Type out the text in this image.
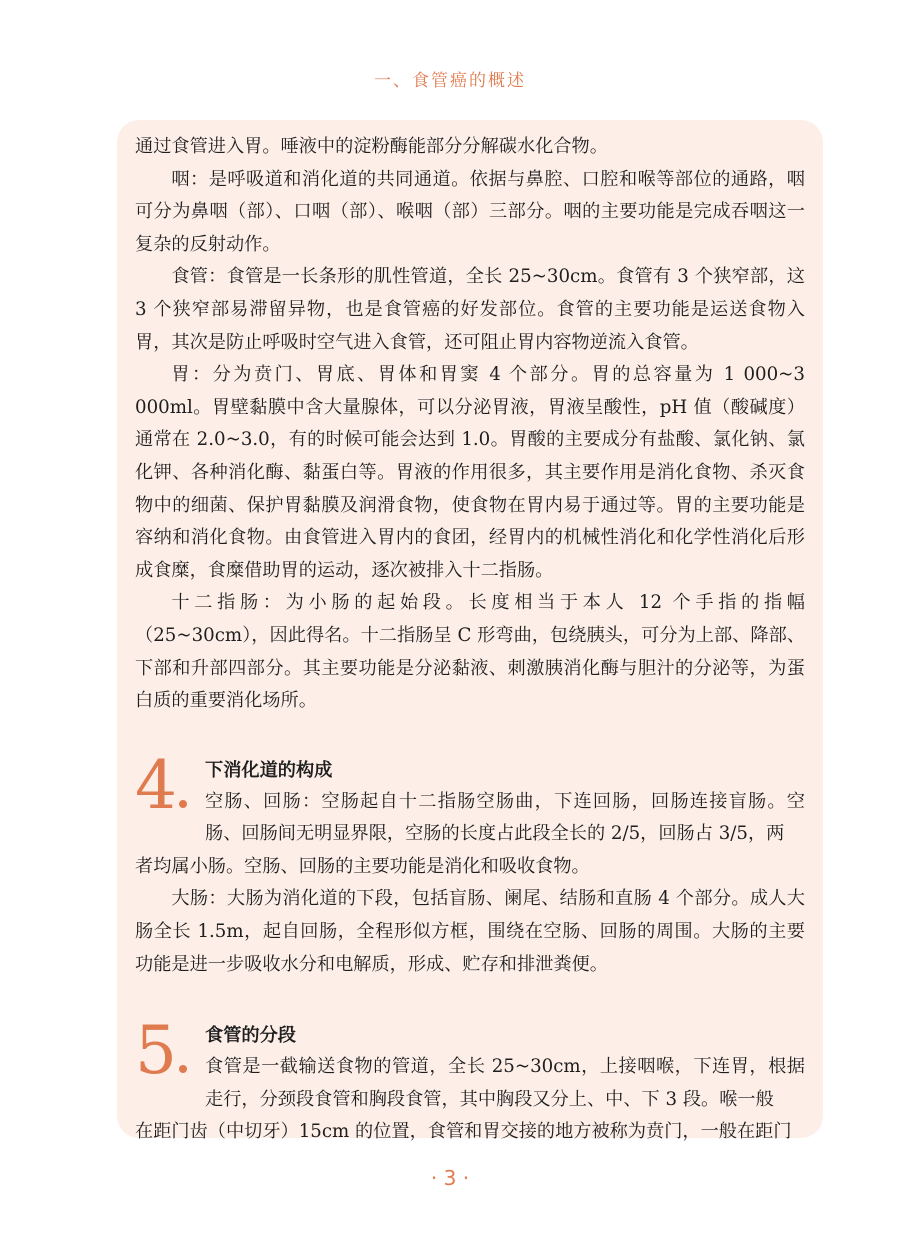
一、食管癌的概述

通过食管进入胃。唾液中的淀粉酶能部分分解碳水化合物。

咽：是呼吸道和消化道的共同通道。依据与鼻腔、口腔和喉等部位的通路，咽可分为鼻咽（部）、口咽（部）、喉咽（部）三部分。咽的主要功能是完成吞咽这一复杂的反射动作。

食管：食管是一长条形的肌性管道，全长 25~30cm。食管有 3 个狭窄部，这 3 个狭窄部易滞留异物，也是食管癌的好发部位。食管的主要功能是运送食物入胃，其次是防止呼吸时空气进入食管，还可阻止胃内容物逆流入食管。

胃：分为贲门、胃底、胃体和胃窦 4 个部分。胃的总容量为 1 000~3 000ml。胃壁黏膜中含大量腺体，可以分泌胃液，胃液呈酸性，pH 值（酸碱度）通常在 2.0~3.0，有的时候可能会达到 1.0。胃酸的主要成分有盐酸、氯化钠、氯化钾、各种消化酶、黏蛋白等。胃液的作用很多，其主要作用是消化食物、杀灭食物中的细菌、保护胃黏膜及润滑食物，使食物在胃内易于通过等。胃的主要功能是容纳和消化食物。由食管进入胃内的食团，经胃内的机械性消化和化学性消化后形成食糜，食糜借助胃的运动，逐次被排入十二指肠。

十二指肠：为小肠的起始段。长度相当于本人 12 个手指的指幅（25~30cm），因此得名。十二指肠呈 C 形弯曲，包绕胰头，可分为上部、降部、下部和升部四部分。其主要功能是分泌黏液、刺激胰消化酶与胆汁的分泌等，为蛋白质的重要消化场所。

4	下消化道的构成

空肠、回肠：空肠起自十二指肠空肠曲，下连回肠，回肠连接盲肠。空肠、回肠间无明显界限，空肠的长度占此段全长的 2/5，回肠占 3/5，两

者均属小肠。空肠、回肠的主要功能是消化和吸收食物。

大肠：大肠为消化道的下段，包括盲肠、阑尾、结肠和直肠 4 个部分。成人大肠全长 1.5m，起自回肠，全程形似方框，围绕在空肠、回肠的周围。大肠的主要功能是进一步吸收水分和电解质，形成、贮存和排泄粪便。

5	食管的分段

食管是一截输送食物的管道，全长 25~30cm，上接咽喉，下连胃，根据走行，分颈段食管和胸段食管，其中胸段又分上、中、下 3 段。喉一般

在距门齿（中切牙）15cm 的位置，食管和胃交接的地方被称为贲门，一般在距门

· 3 ·
